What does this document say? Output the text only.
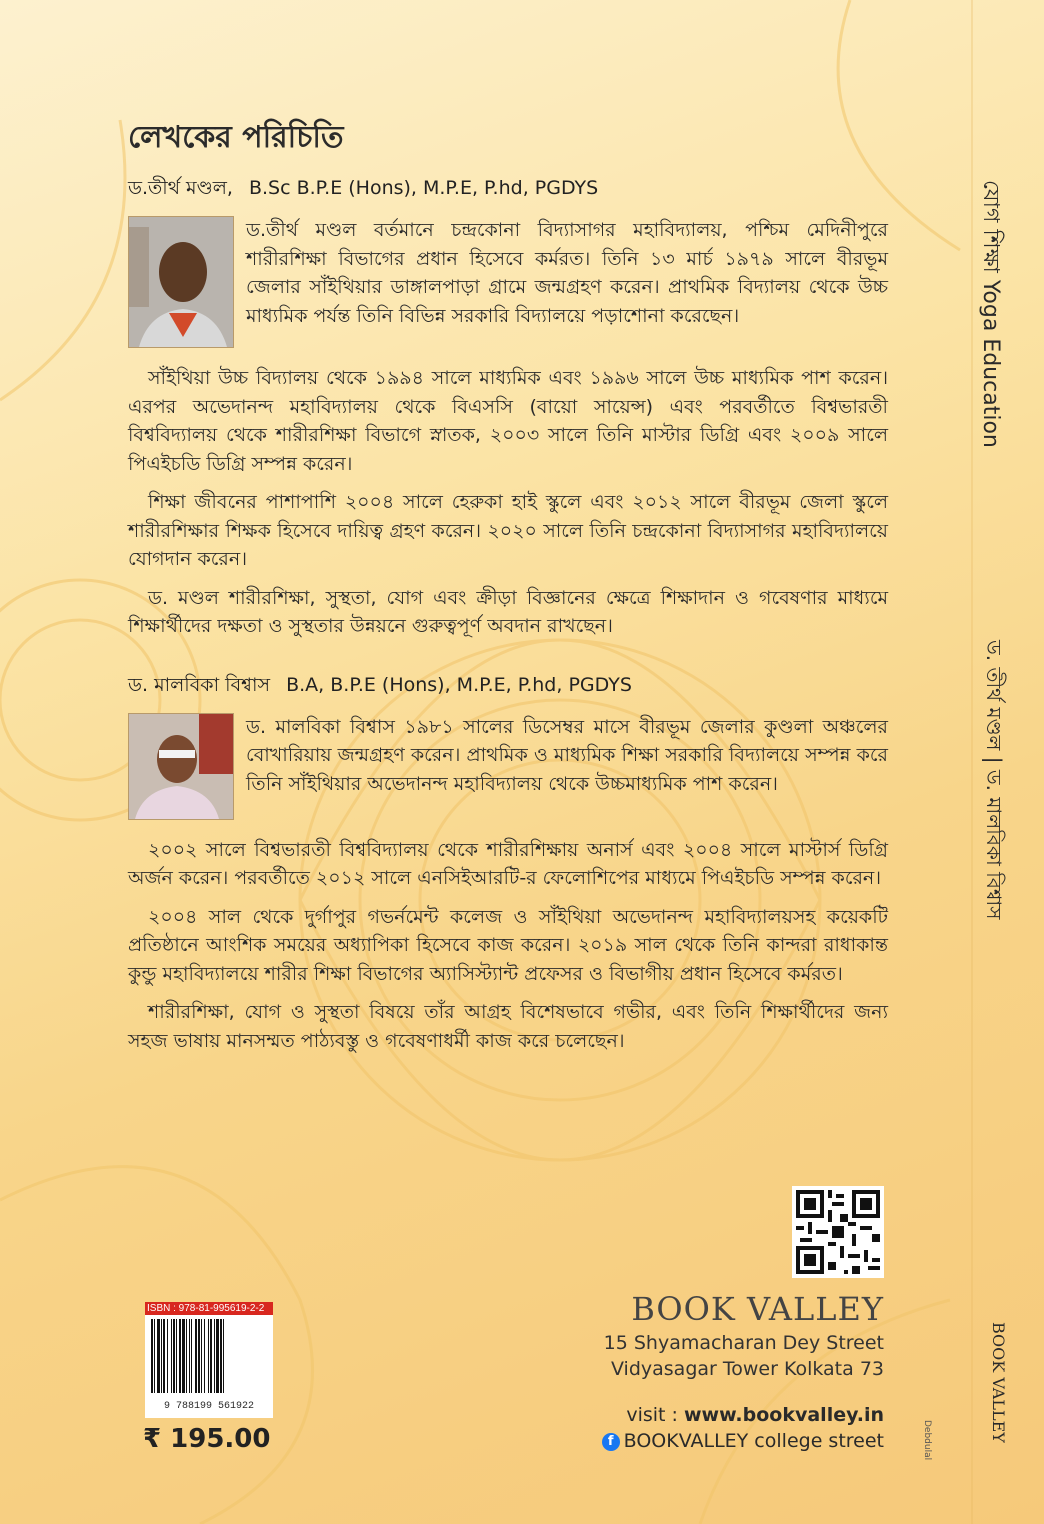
লেখকের পরিচিতি
ড.তীর্থ মণ্ডল, B.Sc B.P.E (Hons), M.P.E, P.hd, PGDYS

ড.তীর্থ মণ্ডল বর্তমানে চন্দ্রকোনা বিদ্যাসাগর মহাবিদ্যালয়, পশ্চিম মেদিনীপুরে শারীরশিক্ষা বিভাগের প্রধান হিসেবে কর্মরত। তিনি ১৩ মার্চ ১৯৭৯ সালে বীরভূম জেলার সাঁইথিয়ার ডাঙ্গালপাড়া গ্রামে জন্মগ্রহণ করেন। প্রাথমিক বিদ্যালয় থেকে উচ্চ মাধ্যমিক পর্যন্ত তিনি বিভিন্ন সরকারি বিদ্যালয়ে পড়াশোনা করেছেন।

সাঁইথিয়া উচ্চ বিদ্যালয় থেকে ১৯৯৪ সালে মাধ্যমিক এবং ১৯৯৬ সালে উচ্চ মাধ্যমিক পাশ করেন। এরপর অভেদানন্দ মহাবিদ্যালয় থেকে বিএসসি (বায়ো সায়েন্স) এবং পরবর্তীতে বিশ্বভারতী বিশ্ববিদ্যালয় থেকে শারীরশিক্ষা বিভাগে স্নাতক, ২০০৩ সালে তিনি মাস্টার ডিগ্রি এবং ২০০৯ সালে পিএইচডি ডিগ্রি সম্পন্ন করেন।

শিক্ষা জীবনের পাশাপাশি ২০০৪ সালে হেরুকা হাই স্কুলে এবং ২০১২ সালে বীরভূম জেলা স্কুলে শারীরশিক্ষার শিক্ষক হিসেবে দায়িত্ব গ্রহণ করেন। ২০২০ সালে তিনি চন্দ্রকোনা বিদ্যাসাগর মহাবিদ্যালয়ে যোগদান করেন।

ড. মণ্ডল শারীরশিক্ষা, সুস্থতা, যোগ এবং ক্রীড়া বিজ্ঞানের ক্ষেত্রে শিক্ষাদান ও গবেষণার মাধ্যমে শিক্ষার্থীদের দক্ষতা ও সুস্থতার উন্নয়নে গুরুত্বপূর্ণ অবদান রাখছেন।

ড. মালবিকা বিশ্বাস B.A, B.P.E (Hons), M.P.E, P.hd, PGDYS

ড. মালবিকা বিশ্বাস ১৯৮১ সালের ডিসেম্বর মাসে বীরভূম জেলার কুণ্ডলা অঞ্চলের বোখারিয়ায় জন্মগ্রহণ করেন। প্রাথমিক ও মাধ্যমিক শিক্ষা সরকারি বিদ্যালয়ে সম্পন্ন করে তিনি সাঁইথিয়ার অভেদানন্দ মহাবিদ্যালয় থেকে উচ্চমাধ্যমিক পাশ করেন।

২০০২ সালে বিশ্বভারতী বিশ্ববিদ্যালয় থেকে শারীরশিক্ষায় অনার্স এবং ২০০৪ সালে মাস্টার্স ডিগ্রি অর্জন করেন। পরবর্তীতে ২০১২ সালে এনসিইআরটি-র ফেলোশিপের মাধ্যমে পিএইচডি সম্পন্ন করেন।

২০০৪ সাল থেকে দুর্গাপুর গভর্নমেন্ট কলেজ ও সাঁইথিয়া অভেদানন্দ মহাবিদ্যালয়সহ কয়েকটি প্রতিষ্ঠানে আংশিক সময়ের অধ্যাপিকা হিসেবে কাজ করেন। ২০১৯ সাল থেকে তিনি কান্দরা রাধাকান্ত কুন্ডু মহাবিদ্যালয়ে শারীর শিক্ষা বিভাগের অ্যাসিস্ট্যান্ট প্রফেসর ও বিভাগীয় প্রধান হিসেবে কর্মরত।

শারীরশিক্ষা, যোগ ও সুস্থতা বিষয়ে তাঁর আগ্রহ বিশেষভাবে গভীর, এবং তিনি শিক্ষার্থীদের জন্য সহজ ভাষায় মানসম্মত পাঠ্যবস্তু ও গবেষণাধর্মী কাজ করে চলেছেন।

যোগ শিক্ষা Yoga Education
ড. তীর্থ মণ্ডল | ড. মালবিকা বিশ্বাস
BOOK VALLEY
BOOK VALLEY
15 Shyamacharan Dey Street
Vidyasagar Tower Kolkata 73
visit : www.bookvalley.in
f BOOKVALLEY college street
ISBN : 978-81-995619-2-2
9 788199 561922
₹ 195.00	Debdulal
